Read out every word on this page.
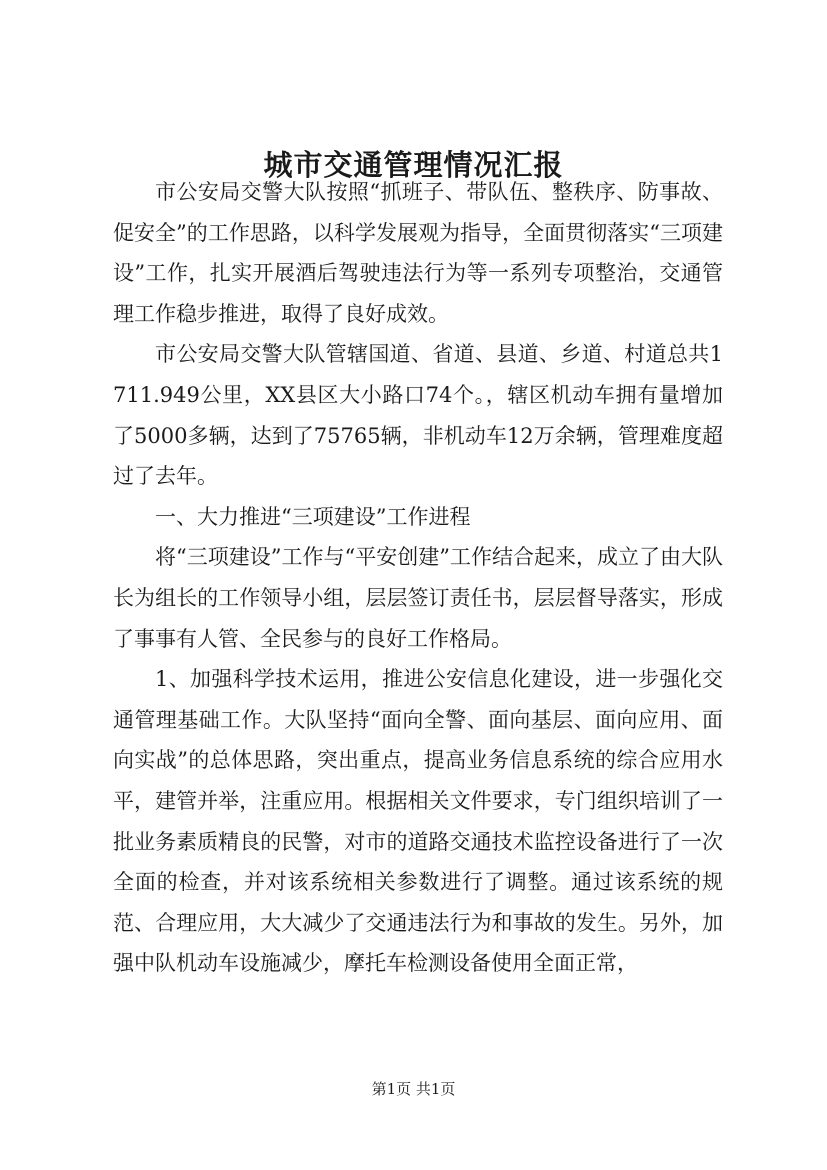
城市交通管理情况汇报

市公安局交警大队按照“抓班子、带队伍、整秩序、防事故、促安全”的工作思路，以科学发展观为指导，全面贯彻落实“三项建设”工作，扎实开展酒后驾驶违法行为等一系列专项整治，交通管理工作稳步推进，取得了良好成效。

市公安局交警大队管辖国道、省道、县道、乡道、村道总共1711.949公里，XX县区大小路口74个。，辖区机动车拥有量增加了5000多辆，达到了75765辆，非机动车12万余辆，管理难度超过了去年。

一、大力推进“三项建设”工作进程

将“三项建设”工作与“平安创建”工作结合起来，成立了由大队长为组长的工作领导小组，层层签订责任书，层层督导落实，形成了事事有人管、全民参与的良好工作格局。

1、加强科学技术运用，推进公安信息化建设，进一步强化交通管理基础工作。大队坚持“面向全警、面向基层、面向应用、面向实战”的总体思路，突出重点，提高业务信息系统的综合应用水平，建管并举，注重应用。根据相关文件要求，专门组织培训了一批业务素质精良的民警，对市的道路交通技术监控设备进行了一次全面的检查，并对该系统相关参数进行了调整。通过该系统的规范、合理应用，大大减少了交通违法行为和事故的发生。另外，加强中队机动车设施减少，摩托车检测设备使用全面正常，

第1页 共1页
